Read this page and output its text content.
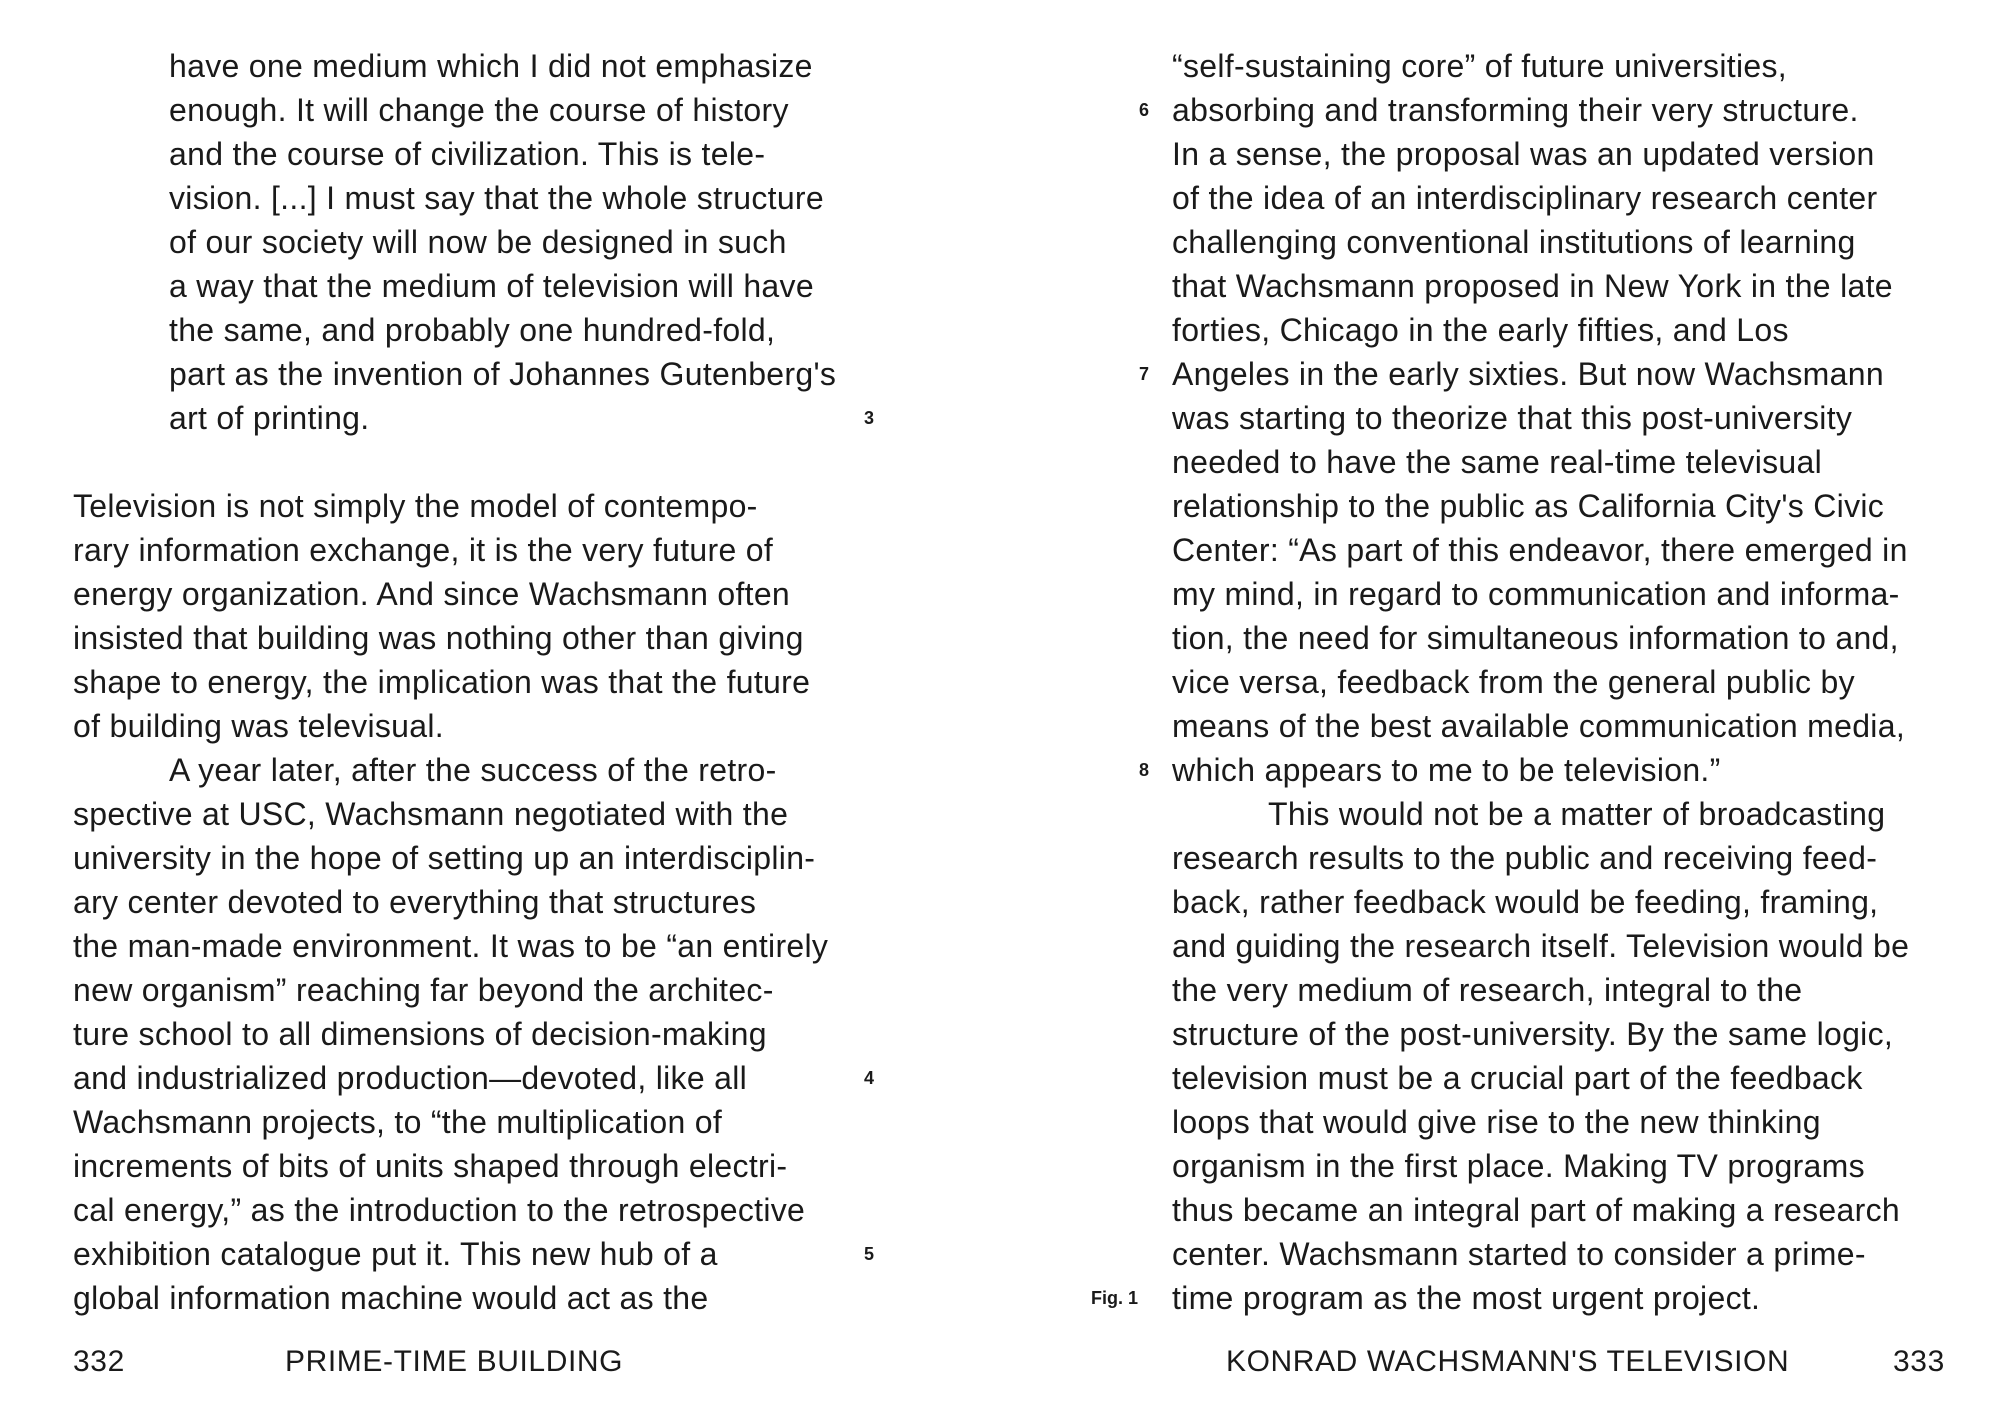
have one medium which I did not emphasize
enough. It will change the course of history
and the course of civilization. This is tele-
vision. [...] I must say that the whole structure
of our society will now be designed in such
a way that the medium of television will have
the same, and probably one hundred-fold,
part as the invention of Johannes Gutenberg's
art of printing.	3
Television is not simply the model of contempo-
rary information exchange, it is the very future of
energy organization. And since Wachsmann often
insisted that building was nothing other than giving
shape to energy, the implication was that the future
of building was televisual.
A year later, after the success of the retro-
spective at USC, Wachsmann negotiated with the
university in the hope of setting up an interdisciplin-
ary center devoted to everything that structures
the man-made environment. It was to be “an entirely
new organism” reaching far beyond the architec-
ture school to all dimensions of decision-making
and industrialized production—devoted, like all
Wachsmann projects, to “the multiplication of
increments of bits of units shaped through electri-
cal energy,” as the introduction to the retrospective
exhibition catalogue put it. This new hub of a
global information machine would act as the
4
5
332	PRIME-TIME BUILDING
“self-sustaining core” of future universities,
absorbing and transforming their very structure.
In a sense, the proposal was an updated version
of the idea of an interdisciplinary research center
challenging conventional institutions of learning
that Wachsmann proposed in New York in the late
forties, Chicago in the early fifties, and Los
Angeles in the early sixties. But now Wachsmann
was starting to theorize that this post-university
needed to have the same real-time televisual
relationship to the public as California City's Civic
Center: “As part of this endeavor, there emerged in
my mind, in regard to communication and informa-
tion, the need for simultaneous information to and,
vice versa, feedback from the general public by
means of the best available communication media,
which appears to me to be television.”
6
7
8
This would not be a matter of broadcasting
research results to the public and receiving feed-
back, rather feedback would be feeding, framing,
and guiding the research itself. Television would be
the very medium of research, integral to the
structure of the post-university. By the same logic,
television must be a crucial part of the feedback
loops that would give rise to the new thinking
organism in the first place. Making TV programs
thus became an integral part of making a research
center. Wachsmann started to consider a prime-
time program as the most urgent project.
Fig. 1
KONRAD WACHSMANN'S TELEVISION	333
